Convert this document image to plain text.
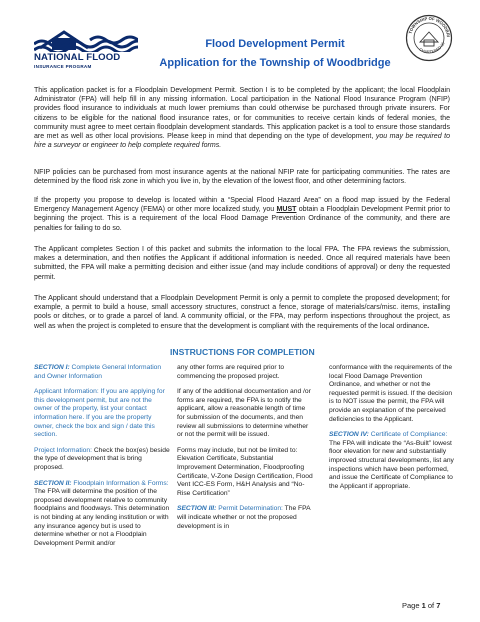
NATIONAL FLOOD
INSURANCE PROGRAM
Flood Development Permit
Application for the Township of Woodbridge
TOWNSHIP OF WOODBRI
CHARTERED 16
This application packet is for a Floodplain Development Permit. Section I is to be completed by the applicant; the local Floodplain Administrator (FPA) will help fill in any missing information. Local participation in the National Flood Insurance Program (NFIP) provides flood insurance to individuals at much lower premiums than could otherwise be purchased through private insurers. For citizens to be eligible for the national flood insurance rates, or for communities to receive certain kinds of federal monies, the community must agree to meet certain floodplain development standards. This application packet is a tool to ensure those standards are met as well as other local provisions. Please keep in mind that depending on the type of development, you may be required to hire a surveyor or engineer to help complete required forms.
NFIP policies can be purchased from most insurance agents at the national NFIP rate for participating communities. The rates are determined by the flood risk zone in which you live in, by the elevation of the lowest floor, and other determining factors.
If the property you propose to develop is located within a “Special Flood Hazard Area” on a flood map issued by the Federal Emergency Management Agency (FEMA) or other more localized study, you MUST obtain a Floodplain Development Permit prior to beginning the project. This is a requirement of the local Flood Damage Prevention Ordinance of the community, and there are penalties for failing to do so.
The Applicant completes Section I of this packet and submits the information to the local FPA. The FPA reviews the submission, makes a determination, and then notifies the Applicant if additional information is needed. Once all required materials have been submitted, the FPA will make a permitting decision and either issue (and may include conditions of approval) or deny the requested permit.
The Applicant should understand that a Floodplain Development Permit is only a permit to complete the proposed development; for example, a permit to build a house, small accessory structures, construct a fence, storage of materials/cars/misc. items, installing pools or ditches, or to grade a parcel of land. A community official, or the FPA, may perform inspections throughout the project, as well as when the project is completed to ensure that the development is compliant with the requirements of the local ordinance.
INSTRUCTIONS FOR COMPLETION

SECTION I: Complete General Information and Owner Information

Applicant Information: If you are applying for this development permit, but are not the owner of the property, list your contact information here. If you are the property owner, check the box and sign / date this section.

Project Information: Check the box(es) beside the type of development that is bring proposed.

SECTION II: Floodplain Information & Forms: The FPA will determine the position of the proposed development relative to community floodplains and floodways. This determination is not binding at any lending institution or with any insurance agency but is used to determine whether or not a Floodplain Development Permit and/or

any other forms are required prior to commencing the proposed project.

If any of the additional documentation and /or forms are required, the FPA is to notify the applicant, allow a reasonable length of time for submission of the documents, and then review all submissions to determine whether or not the permit will be issued.

Forms may include, but not be limited to: Elevation Certificate, Substantial Improvement Determination, Floodproofing Certificate, V-Zone Design Certification, Flood Vent ICC-ES Form, H&H Analysis and “No-Rise Certification”

SECTION III: Permit Determination: The FPA will indicate whether or not the proposed development is in

conformance with the requirements of the local Flood Damage Prevention Ordinance, and whether or not the requested permit is issued. If the decision is to NOT issue the permit, the FPA will provide an explanation of the perceived deficiencies to the Applicant.

SECTION IV: Certificate of Compliance: The FPA will indicate the “As-Built” lowest floor elevation for new and substantially improved structural developments, list any inspections which have been performed, and issue the Certificate of Compliance to the Applicant if appropriate.

Page 1 of 7
